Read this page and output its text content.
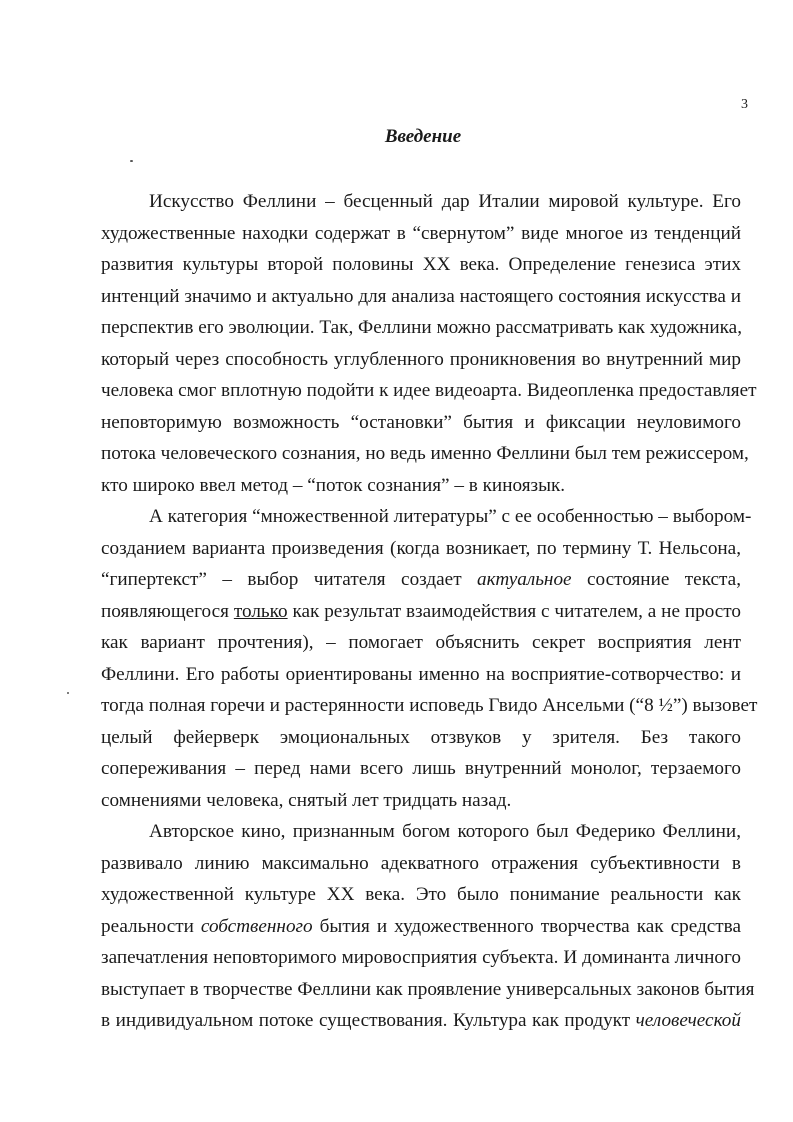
3
Введение
Искусство Феллини – бесценный дар Италии мировой культуре. Его
художественные находки содержат в “свернутом” виде многое из тенденций
развития культуры второй половины XX века. Определение генезиса этих
интенций значимо и актуально для анализа настоящего состояния искусства и
перспектив его эволюции. Так, Феллини можно рассматривать как художника,
который через способность углубленного проникновения во внутренний мир
человека смог вплотную подойти к идее видеоарта. Видеопленка предоставляет
неповторимую возможность “остановки” бытия и фиксации неуловимого
потока человеческого сознания, но ведь именно Феллини был тем режиссером,
кто широко ввел метод – “поток сознания” – в киноязык.
А категория “множественной литературы” с ее особенностью – выбором-
созданием варианта произведения (когда возникает, по термину Т. Нельсона,
“гипертекст” – выбор читателя создает актуальное состояние текста,
появляющегося только как результат взаимодействия с читателем, а не просто
как вариант прочтения), – помогает объяснить секрет восприятия лент
Феллини. Его работы ориентированы именно на восприятие-сотворчество: и
тогда полная горечи и растерянности исповедь Гвидо Ансельми (“8 ½”) вызовет
целый фейерверк эмоциональных отзвуков у зрителя. Без такого
сопереживания – перед нами всего лишь внутренний монолог, терзаемого
сомнениями человека, снятый лет тридцать назад.
Авторское кино, признанным богом которого был Федерико Феллини,
развивало линию максимально адекватного отражения субъективности в
художественной культуре XX века. Это было понимание реальности как
реальности собственного бытия и художественного творчества как средства
запечатления неповторимого мировосприятия субъекта. И доминанта личного
выступает в творчестве Феллини как проявление универсальных законов бытия
в индивидуальном потоке существования. Культура как продукт человеческой
